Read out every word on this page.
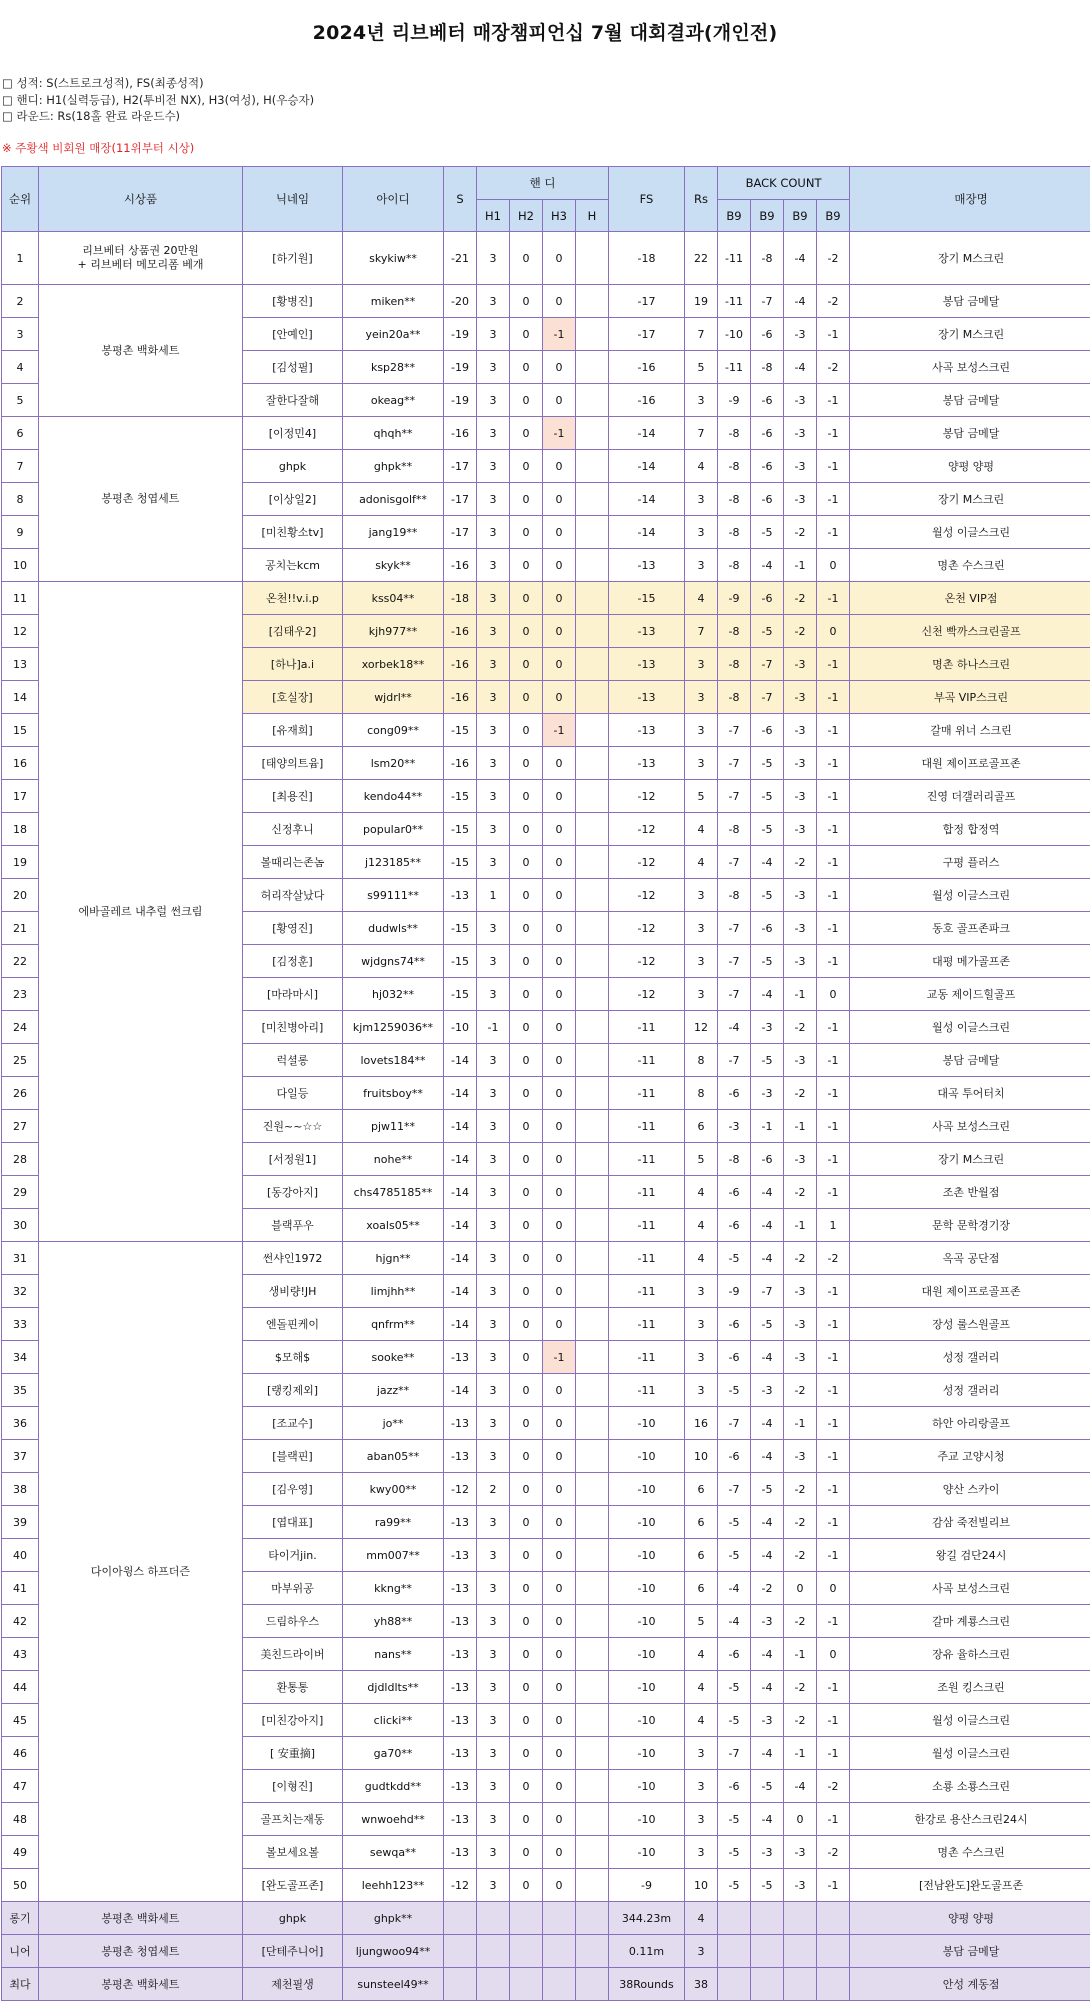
2024년 리브베터 매장챔피언십 7월 대회결과(개인전)
□ 성적: S(스트로크성적), FS(최종성적)
□ 핸디: H1(실력등급), H2(투비전 NX), H3(여성), H(우승자)
□ 라운드: Rs(18홀 완료 라운드수)
※ 주황색 비회원 매장(11위부터 시상)
순위	시상품	닉네임	아이디	S	핸 디				FS	Rs	BACK COUNT				매장명
					H1	H2	H3	H			B9	B9	B9	B9	
1	리브베터 상품권 20만원
+ 리브베터 메모리폼 베개	[하기원]	skykiw**	-21	3	0	0		-18	22	-11	-8	-4	-2	장기 M스크린
2	봉평촌 백화세트	[황병진]	miken**	-20	3	0	0		-17	19	-11	-7	-4	-2	봉담 금메달
3		[안예인]	yein20a**	-19	3	0	-1		-17	7	-10	-6	-3	-1	장기 M스크린
4		[김성필]	ksp28**	-19	3	0	0		-16	5	-11	-8	-4	-2	사곡 보성스크린
5		잘한다잘해	okeag**	-19	3	0	0		-16	3	-9	-6	-3	-1	봉담 금메달
6	봉평촌 청엽세트	[이정민4]	qhqh**	-16	3	0	-1		-14	7	-8	-6	-3	-1	봉담 금메달
7		ghpk	ghpk**	-17	3	0	0		-14	4	-8	-6	-3	-1	양평 양평
8		[이상일2]	adonisgolf**	-17	3	0	0		-14	3	-8	-6	-3	-1	장기 M스크린
9		[미친황소tv]	jang19**	-17	3	0	0		-14	3	-8	-5	-2	-1	월성 이글스크린
10		공치는kcm	skyk**	-16	3	0	0		-13	3	-8	-4	-1	0	명촌 수스크린
11	에바골레르 내추럴 썬크림	온천!!v.i.p	kss04**	-18	3	0	0		-15	4	-9	-6	-2	-1	온천 VIP점
12		[김태우2]	kjh977**	-16	3	0	0		-13	7	-8	-5	-2	0	신천 빡까스크린골프
13		[하나]a.i	xorbek18**	-16	3	0	0		-13	3	-8	-7	-3	-1	명촌 하나스크린
14		[호실장]	wjdrl**	-16	3	0	0		-13	3	-8	-7	-3	-1	부곡 VIP스크린
15		[유재희]	cong09**	-15	3	0	-1		-13	3	-7	-6	-3	-1	갈매 위너 스크린
16		[태양의트윰]	lsm20**	-16	3	0	0		-13	3	-7	-5	-3	-1	대원 제이프로골프존
17		[최용진]	kendo44**	-15	3	0	0		-12	5	-7	-5	-3	-1	진영 더갤러리골프
18		신정후니	popular0**	-15	3	0	0		-12	4	-8	-5	-3	-1	합정 합정역
19		볼때리는존놈	j123185**	-15	3	0	0		-12	4	-7	-4	-2	-1	구평 플러스
20		허리작살났다	s99111**	-13	1	0	0		-12	3	-8	-5	-3	-1	월성 이글스크린
21		[황영진]	dudwls**	-15	3	0	0		-12	3	-7	-6	-3	-1	동호 골프존파크
22		[김정훈]	wjdgns74**	-15	3	0	0		-12	3	-7	-5	-3	-1	대평 메가골프존
23		[마라마시]	hj032**	-15	3	0	0		-12	3	-7	-4	-1	0	교동 제이드힐골프
24		[미친병아리]	kjm1259036**	-10	-1	0	0		-11	12	-4	-3	-2	-1	월성 이글스크린
25		럭셜롱	lovets184**	-14	3	0	0		-11	8	-7	-5	-3	-1	봉담 금메달
26		다일등	fruitsboy**	-14	3	0	0		-11	8	-6	-3	-2	-1	대곡 투어터치
27		진원~~☆☆	pjw11**	-14	3	0	0		-11	6	-3	-1	-1	-1	사곡 보성스크린
28		[서정원1]	nohe**	-14	3	0	0		-11	5	-8	-6	-3	-1	장기 M스크린
29		[동강아지]	chs4785185**	-14	3	0	0		-11	4	-6	-4	-2	-1	조촌 반월점
30		블랙푸우	xoals05**	-14	3	0	0		-11	4	-6	-4	-1	1	문학 문학경기장
31	다이아윙스 하프더즌	썬샤인1972	hjgn**	-14	3	0	0		-11	4	-5	-4	-2	-2	옥곡 공단점
32		생비량!JH	limjhh**	-14	3	0	0		-11	3	-9	-7	-3	-1	대원 제이프로골프존
33		엔돌핀케이	qnfrm**	-14	3	0	0		-11	3	-6	-5	-3	-1	장성 룰스원골프
34		$모해$	sooke**	-13	3	0	-1		-11	3	-6	-4	-3	-1	성정 갤러리
35		[랭킹제외]	jazz**	-14	3	0	0		-11	3	-5	-3	-2	-1	성정 갤러리
36		[조교수]	jo**	-13	3	0	0		-10	16	-7	-4	-1	-1	하안 아리랑골프
37		[블랙핀]	aban05**	-13	3	0	0		-10	10	-6	-4	-3	-1	주교 고양시청
38		[김우영]	kwy00**	-12	2	0	0		-10	6	-7	-5	-2	-1	양산 스카이
39		[엽대표]	ra99**	-13	3	0	0		-10	6	-5	-4	-2	-1	감삼 죽전빌리브
40		타이거jin.	mm007**	-13	3	0	0		-10	6	-5	-4	-2	-1	왕길 검단24시
41		마부위공	kkng**	-13	3	0	0		-10	6	-4	-2	0	0	사곡 보성스크린
42		드림하우스	yh88**	-13	3	0	0		-10	5	-4	-3	-2	-1	갈마 계룡스크린
43		美친드라이버	nans**	-13	3	0	0		-10	4	-6	-4	-1	0	장유 율하스크린
44		환통통	djdldlts**	-13	3	0	0		-10	4	-5	-4	-2	-1	조원 킹스크린
45		[미친강아지]	clicki**	-13	3	0	0		-10	4	-5	-3	-2	-1	월성 이글스크린
46		[ 安重摘]	ga70**	-13	3	0	0		-10	3	-7	-4	-1	-1	월성 이글스크린
47		[이형진]	gudtkdd**	-13	3	0	0		-10	3	-6	-5	-4	-2	소룡 소룡스크린
48		골프치는재동	wnwoehd**	-13	3	0	0		-10	3	-5	-4	0	-1	한강로 용산스크린24시
49		볼보세요볼	sewqa**	-13	3	0	0		-10	3	-5	-3	-3	-2	명촌 수스크린
50		[완도골프존]	leehh123**	-12	3	0	0		-9	10	-5	-5	-3	-1	[전남완도]완도골프존
롱기	봉평촌 백화세트	ghpk	ghpk**						344.23m	4					양평 양평
니어	봉평촌 청엽세트	[단테주니어]	ljungwoo94**						0.11m	3					봉담 금메달
최다	봉평촌 백화세트	제천필생	sunsteel49**						38Rounds	38					안성 계동점
